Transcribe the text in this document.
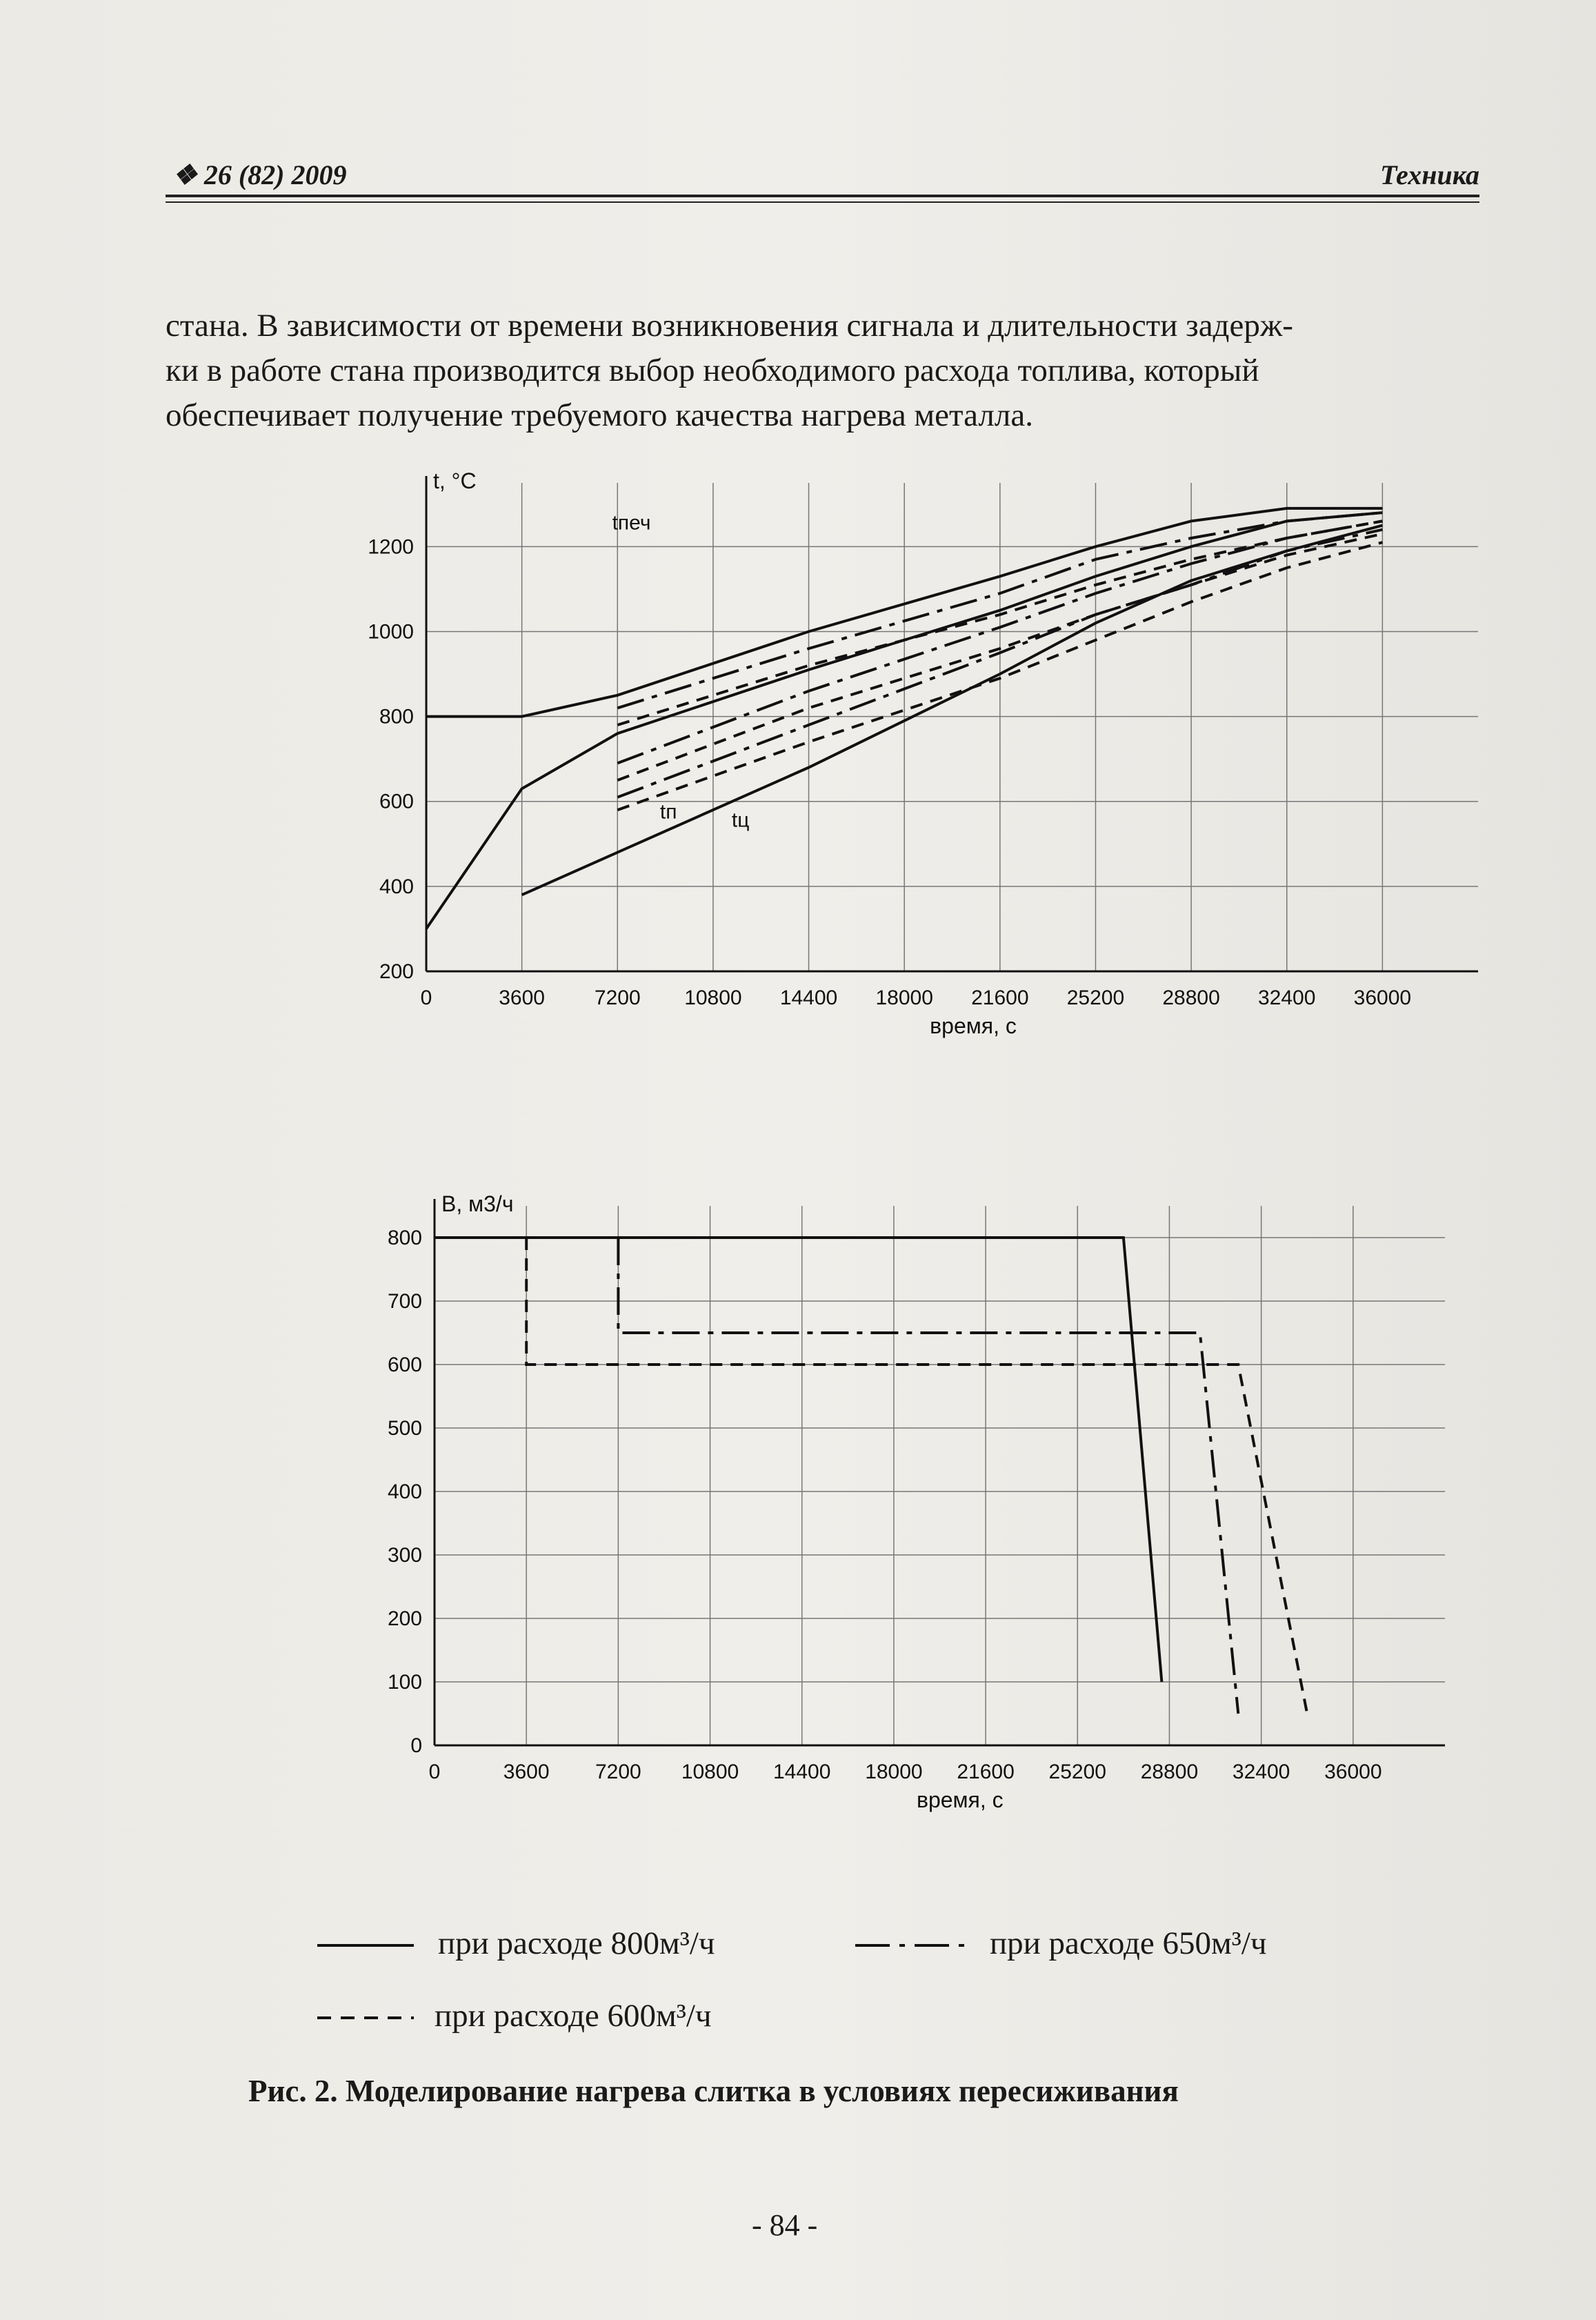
❖ 26 (82) 2009	Техника

стана. В зависимости от времени возникновения сигнала и длительности задерж-

ки в работе стана производится выбор необходимого расхода топлива, который

обеспечивает получение требуемого качества нагрева металла.

0	3600 7200 10800 14400 18000 21600 25200 28800 32400 36000
200
400
600
800
1000
1200
t, °C
время, с
tпеч
tп	tц
0	3600 7200 10800 14400 18000 21600 25200 28800 32400 36000
0
100
200
300
400
500
600
700
800
B, м3/ч
время, с
при расходе 800м³/ч	при расходе 650м³/ч
при расходе 600м³/ч
Рис. 2. Моделирование нагрева слитка в условиях пересиживания
- 84 -
